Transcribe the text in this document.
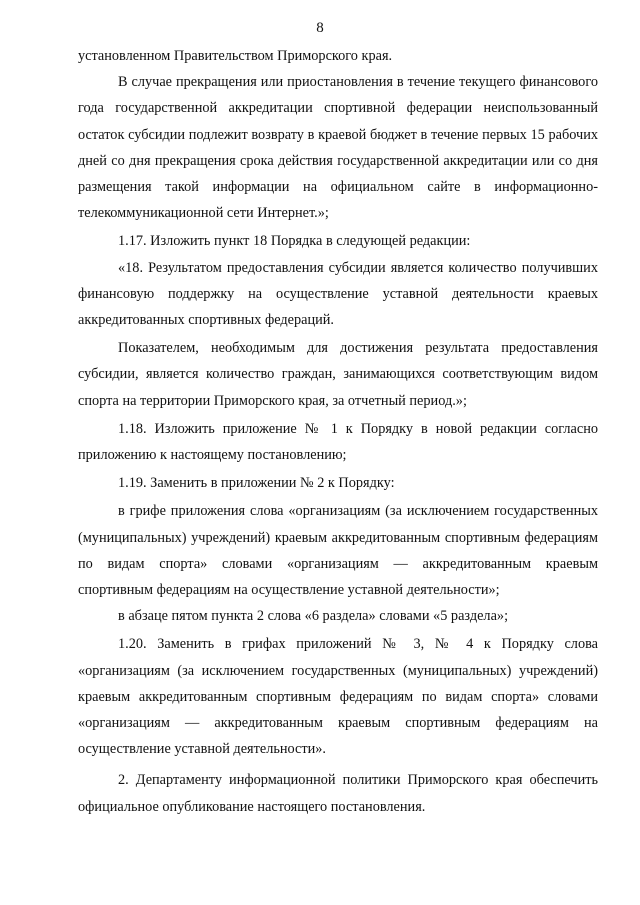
8

установленном Правительством Приморского края.

В случае прекращения или приостановления в течение текущего финансового года государственной аккредитации спортивной федерации неиспользованный остаток субсидии подлежит возврату в краевой бюджет в течение первых 15 рабочих дней со дня прекращения срока действия государственной аккредитации или со дня размещения такой информации на официальном сайте в информационно-телекоммуникационной сети Интернет.»;

1.17. Изложить пункт 18 Порядка в следующей редакции:

«18. Результатом предоставления субсидии является количество получивших финансовую поддержку на осуществление уставной деятельности краевых аккредитованных спортивных федераций.

Показателем, необходимым для достижения результата предоставления субсидии, является количество граждан, занимающихся соответствующим видом спорта на территории Приморского края, за отчетный период.»;

1.18. Изложить приложение № 1 к Порядку в новой редакции согласно приложению к настоящему постановлению;

1.19. Заменить в приложении № 2 к Порядку:

в грифе приложения слова «организациям (за исключением государственных (муниципальных) учреждений) краевым аккредитованным спортивным федерациям по видам спорта» словами «организациям — аккредитованным краевым спортивным федерациям на осуществление уставной деятельности»;

в абзаце пятом пункта 2 слова «6 раздела» словами «5 раздела»;

1.20. Заменить в грифах приложений № 3, № 4 к Порядку слова «организациям (за исключением государственных (муниципальных) учреждений) краевым аккредитованным спортивным федерациям по видам спорта» словами «организациям — аккредитованным краевым спортивным федерациям на осуществление уставной деятельности».

2. Департаменту информационной политики Приморского края обеспечить официальное опубликование настоящего постановления.
